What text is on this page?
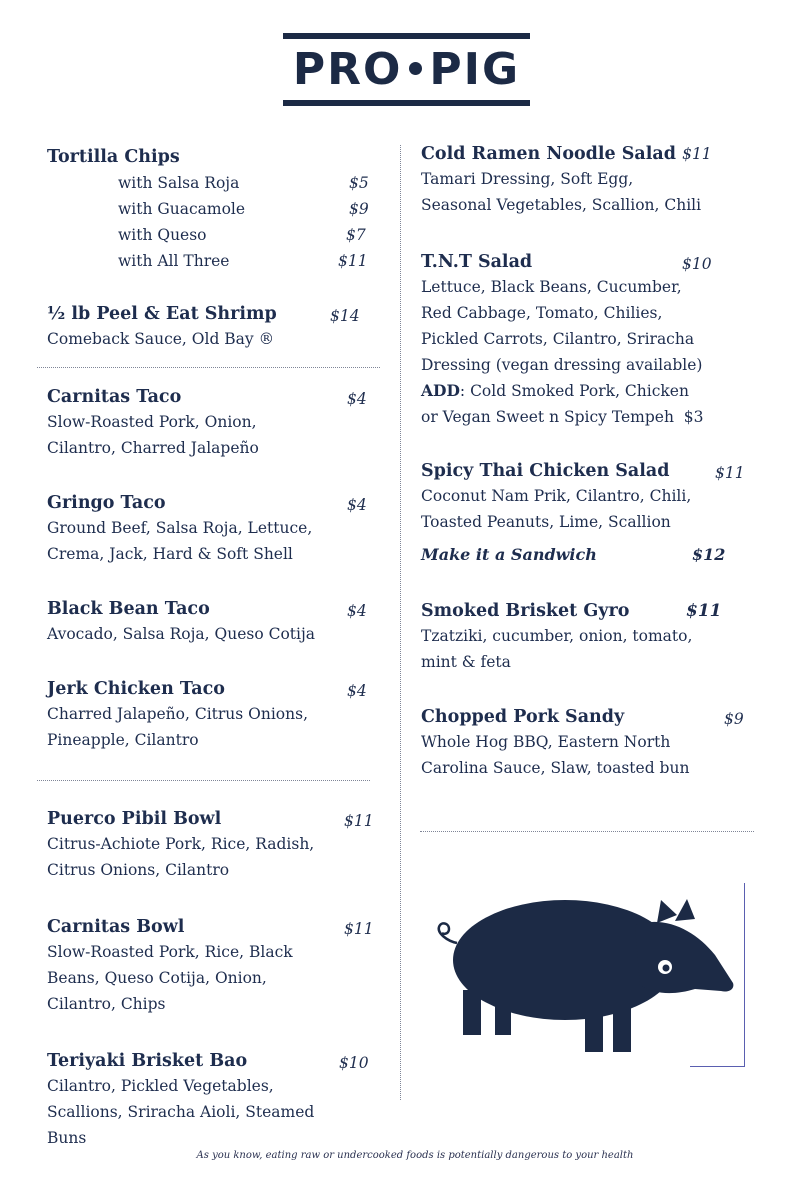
PRO PIG
Tortilla Chips
with Salsa Roja	$5
with Guacamole	$9
with Queso	$7
with All Three	$11
½ lb Peel & Eat Shrimp
Comeback Sauce, Old Bay ®
$14
Carnitas Taco
Slow-Roasted Pork, Onion,
Cilantro, Charred Jalapeño
$4
Gringo Taco
Ground Beef, Salsa Roja, Lettuce,
Crema, Jack, Hard & Soft Shell
$4
Black Bean Taco
Avocado, Salsa Roja, Queso Cotija
$4
Jerk Chicken Taco
Charred Jalapeño, Citrus Onions,
Pineapple, Cilantro
$4
Puerco Pibil Bowl
Citrus-Achiote Pork, Rice, Radish,
Citrus Onions, Cilantro
$11
Carnitas Bowl
Slow-Roasted Pork, Rice, Black
Beans, Queso Cotija, Onion,
Cilantro, Chips
$11
Teriyaki Brisket Bao
Cilantro, Pickled Vegetables,
Scallions, Sriracha Aioli, Steamed
Buns
$10
Cold Ramen Noodle Salad $11
Tamari Dressing, Soft Egg,
Seasonal Vegetables, Scallion, Chili
T.N.T Salad
Lettuce, Black Beans, Cucumber,
Red Cabbage, Tomato, Chilies,
Pickled Carrots, Cilantro, Sriracha
Dressing (vegan dressing available)
ADD: Cold Smoked Pork, Chicken
or Vegan Sweet n Spicy Tempeh $3
$10
Spicy Thai Chicken Salad
Coconut Nam Prik, Cilantro, Chili,
Toasted Peanuts, Lime, Scallion
$11
Make it a Sandwich	$12
Smoked Brisket Gyro
Tzatziki, cucumber, onion, tomato,
mint & feta
$11
Chopped Pork Sandy
Whole Hog BBQ, Eastern North
Carolina Sauce, Slaw, toasted bun
$9
As you know, eating raw or undercooked foods is potentially dangerous to your health
